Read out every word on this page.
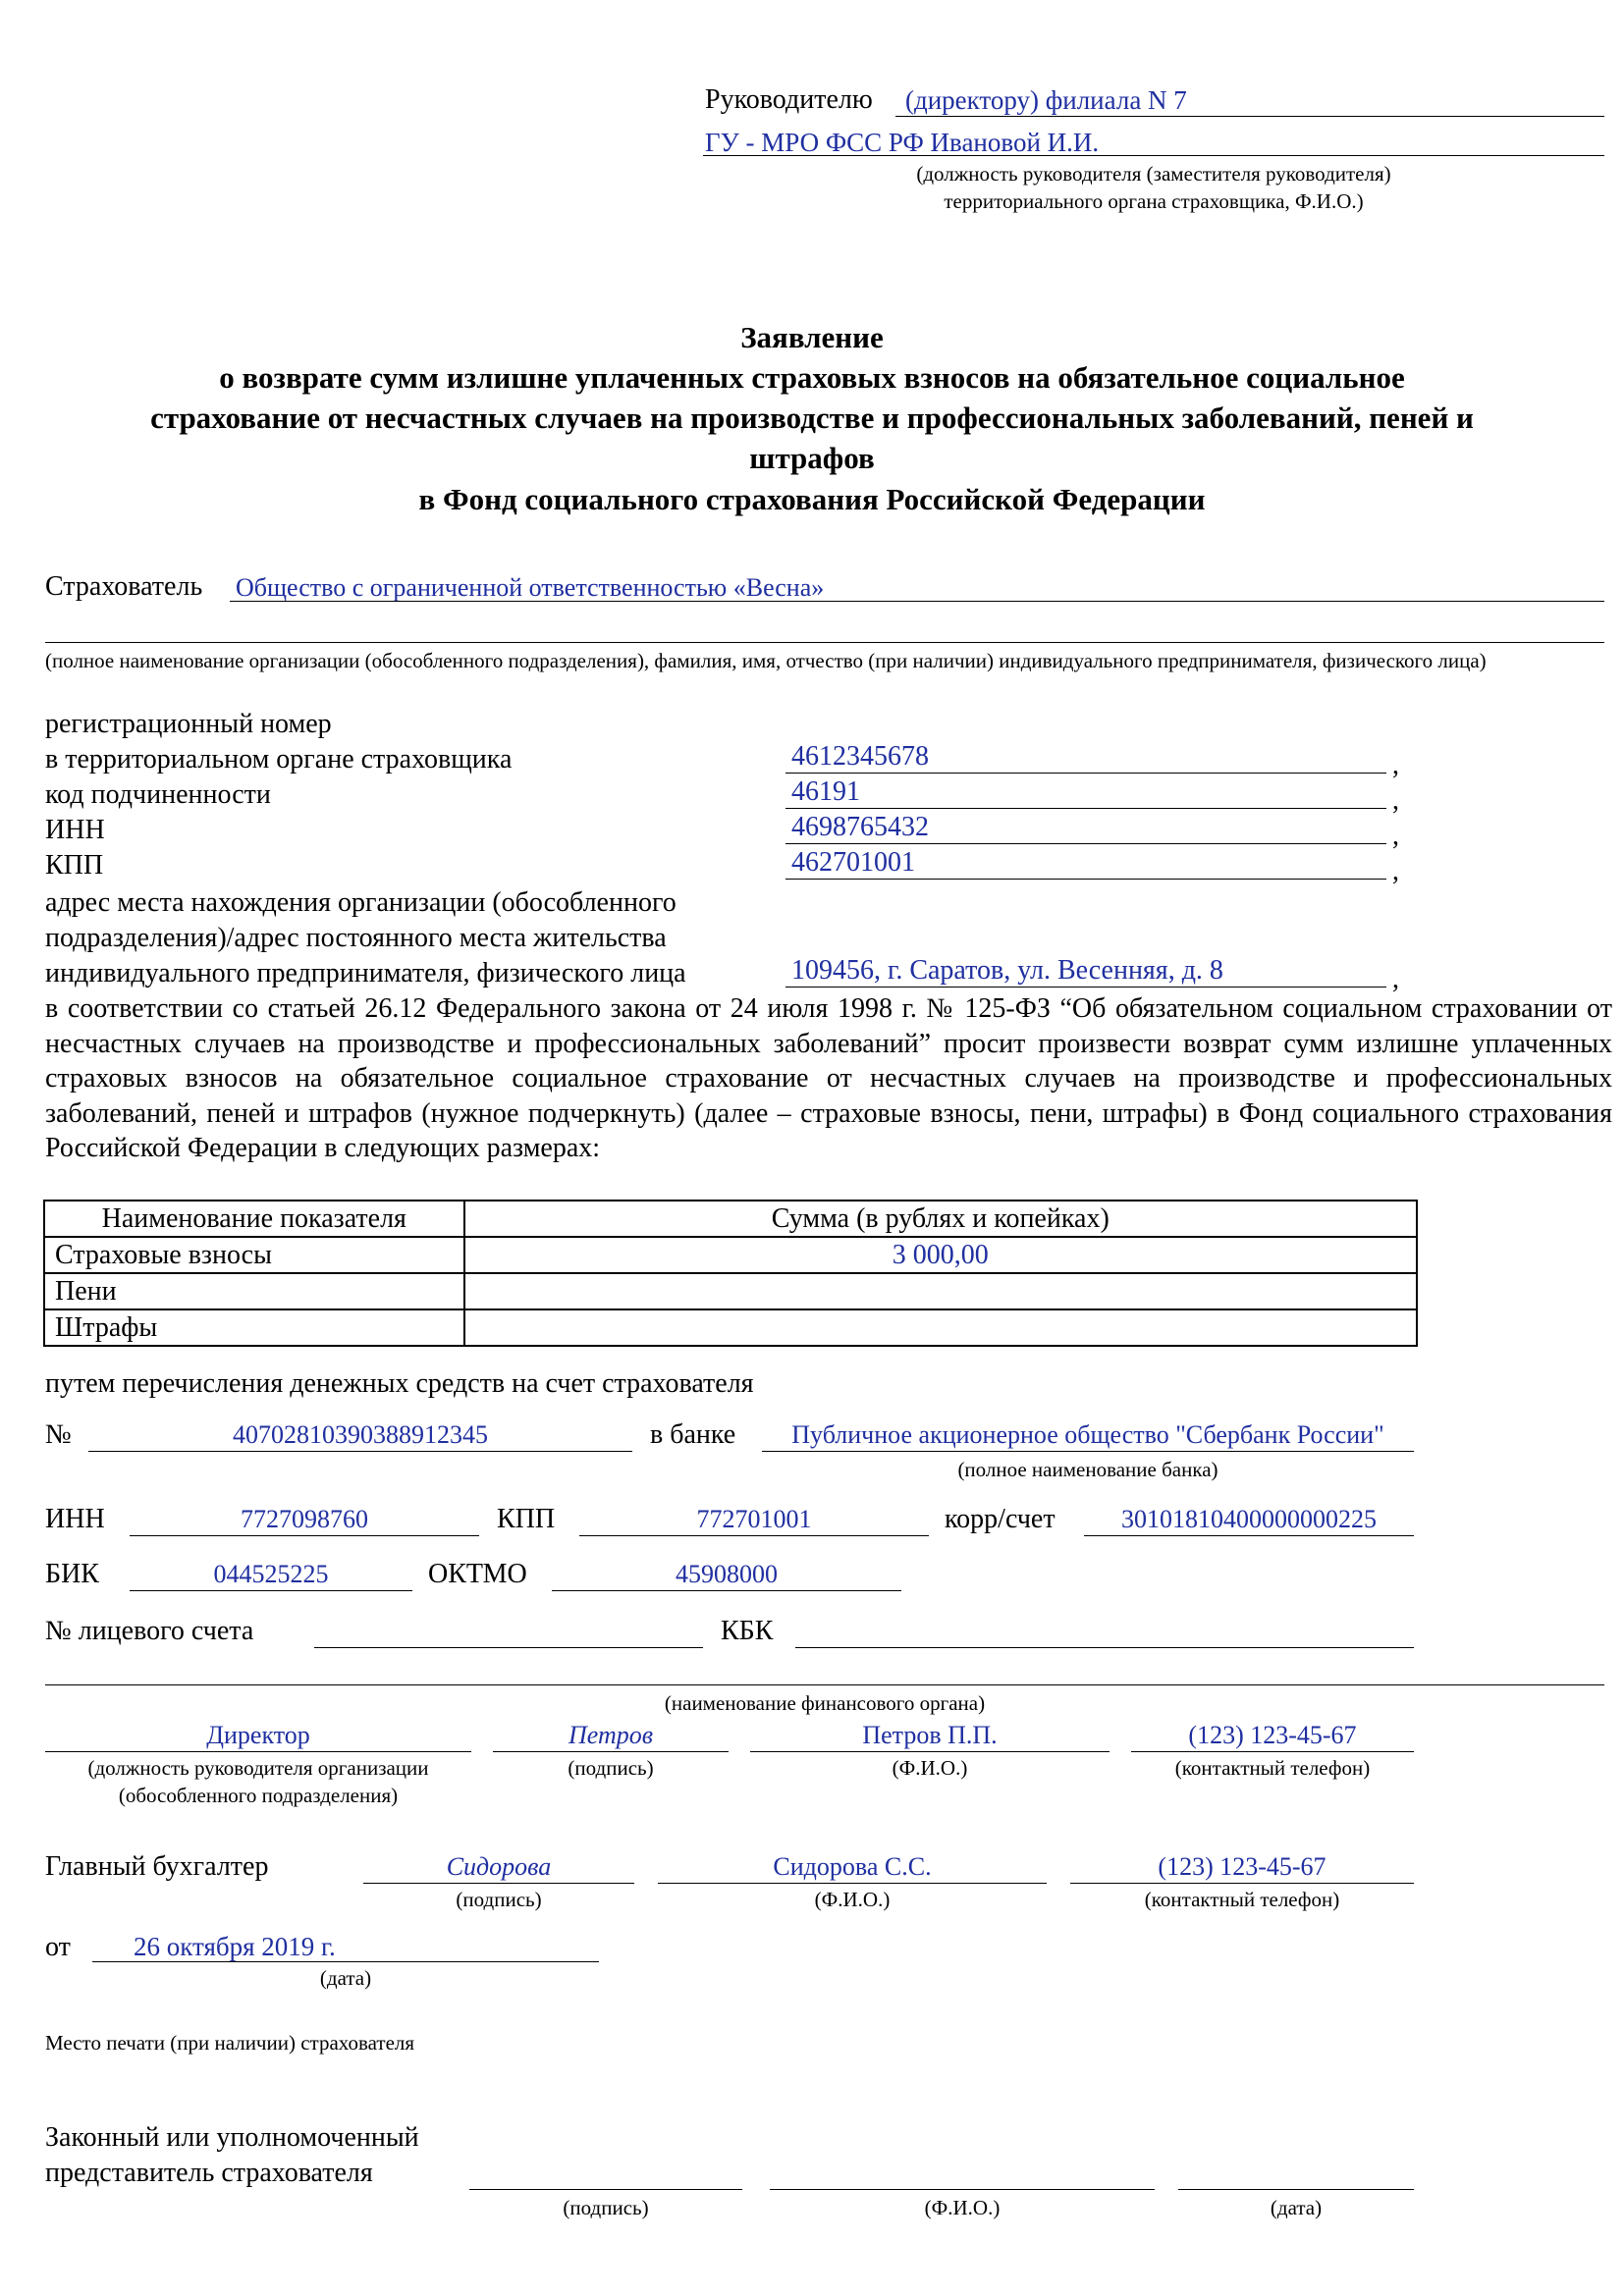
Руководителю (директору) филиала N 7
ГУ - МРО ФСС РФ Ивановой И.И.
(должность руководителя (заместителя руководителя)
территориального органа страховщика, Ф.И.О.)
Заявление
о возврате сумм излишне уплаченных страховых взносов на обязательное социальное
страхование от несчастных случаев на производстве и профессиональных заболеваний, пеней и
штрафов
в Фонд социального страхования Российской Федерации
Страхователь Общество с ограниченной ответственностью «Весна»
(полное наименование организации (обособленного подразделения), фамилия, имя, отчество (при наличии) индивидуального предпринимателя, физического лица)
регистрационный номер
в территориальном органе страховщика	4612345678	,
код подчиненности	46191	,
ИНН	4698765432	,
КПП	462701001	,
адрес места нахождения организации (обособленного
подразделения)/адрес постоянного места жительства
индивидуального предпринимателя, физического лица	109456, г. Саратов, ул. Весенняя, д. 8	,
в соответствии со статьей 26.12 Федерального закона от 24 июля 1998 г. № 125-ФЗ “Об обязательном социальном страховании от несчастных случаев на производстве и профессиональных заболеваний” просит произвести возврат сумм излишне уплаченных страховых взносов на обязательное социальное страхование от несчастных случаев на производстве и профессиональных заболеваний, пеней и штрафов (нужное подчеркнуть) (далее – страховые взносы, пени, штрафы) в Фонд социального страхования Российской Федерации в следующих размерах:
Наименование показателя	Сумма (в рублях и копейках)
Страховые взносы	3 000,00
Пени	
Штрафы	
путем перечисления денежных средств на счет страхователя
№	40702810390388912345	в банке	Публичное акционерное общество "Сбербанк России"
(полное наименование банка)
ИНН	7727098760	КПП	772701001	корр/счет	30101810400000000225
БИК	044525225	ОКТМО	45908000
№ лицевого счета	КБК
(наименование финансового органа)
Директор
(должность руководителя организации
(обособленного подразделения)
Петров
(подпись)
Петров П.П.
(Ф.И.О.)
(123) 123-45-67
(контактный телефон)
Главный бухгалтер	Сидорова
(подпись)
Сидорова С.С.
(Ф.И.О.)
(123) 123-45-67
(контактный телефон)
от 26 октября 2019 г.
(дата)
Место печати (при наличии) страхователя
Законный или уполномоченный
представитель страхователя
(подпись)	(Ф.И.О.)	(дата)
